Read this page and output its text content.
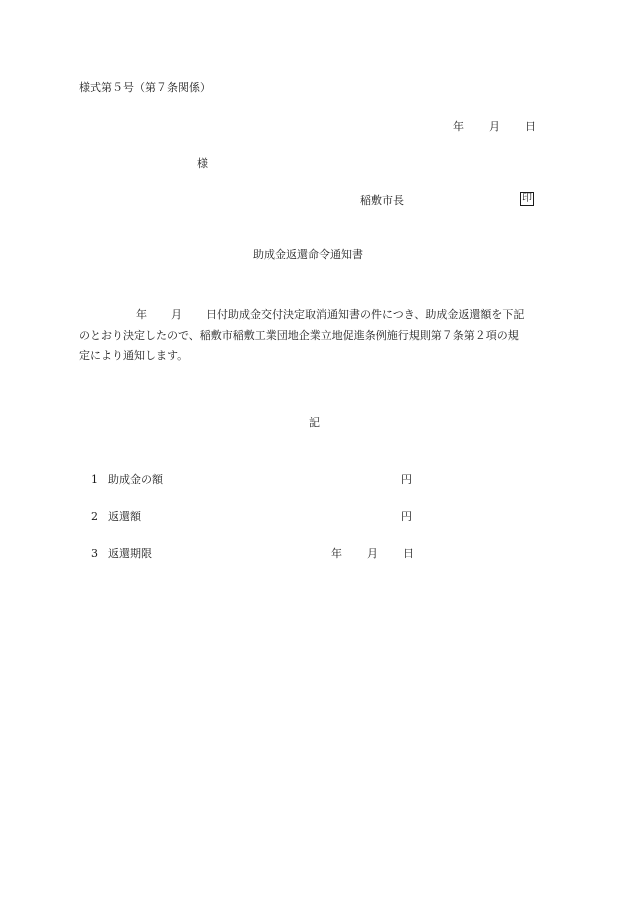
様式第５号（第７条関係）
年 月 日
様
稲敷市長	印
助成金返還命令通知書
年 月 日付助成金交付決定取消通知書の件につき、助成金返還額を下記
のとおり決定したので、稲敷市稲敷工業団地企業立地促進条例施行規則第７条第２項の規
定により通知します。
記
1 助成金の額	円
2 返還額	円
3 返還期限	年 月 日
